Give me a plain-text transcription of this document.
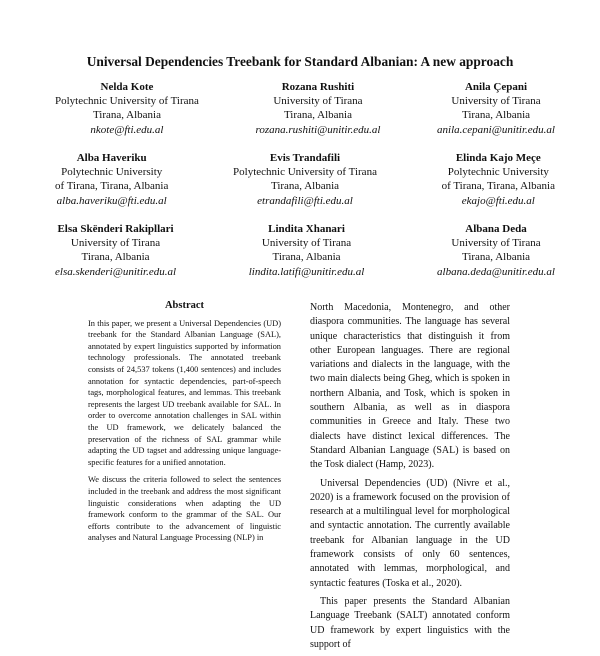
Universal Dependencies Treebank for Standard Albanian: A new approach
Nelda Kote
Polytechnic University of Tirana
Tirana, Albania
nkote@fti.edu.al
Rozana Rushiti
University of Tirana
Tirana, Albania
rozana.rushiti@unitir.edu.al
Anila Çepani
University of Tirana
Tirana, Albania
anila.cepani@unitir.edu.al
Alba Haveriku
Polytechnic University
of Tirana, Tirana, Albania
alba.haveriku@fti.edu.al
Evis Trandafili
Polytechnic University of Tirana
Tirana, Albania
etrandafili@fti.edu.al
Elinda Kajo Meçe
Polytechnic University
of Tirana, Tirana, Albania
ekajo@fti.edu.al
Elsa Skënderi Rakipllari
University of Tirana
Tirana, Albania
elsa.skenderi@unitir.edu.al
Lindita Xhanari
University of Tirana
Tirana, Albania
lindita.latifi@unitir.edu.al
Albana Deda
University of Tirana
Tirana, Albania
albana.deda@unitir.edu.al
Abstract

In this paper, we present a Universal Dependencies (UD) treebank for the Standard Albanian Language (SAL), annotated by expert linguistics supported by information technology professionals. The annotated treebank consists of 24,537 tokens (1,400 sentences) and includes annotation for syntactic dependencies, part-of-speech tags, morphological features, and lemmas. This treebank represents the largest UD treebank available for SAL. In order to overcome annotation challenges in SAL within the UD framework, we delicately balanced the preservation of the richness of SAL grammar while adapting the UD tagset and addressing unique language-specific features for a unified annotation.

We discuss the criteria followed to select the sentences included in the treebank and address the most significant linguistic considerations when adapting the UD framework conform to the grammar of the SAL. Our efforts contribute to the advancement of linguistic analyses and Natural Language Processing (NLP) in

North Macedonia, Montenegro, and other diaspora communities. The language has several unique characteristics that distinguish it from other European languages. There are regional variations and dialects in the language, with the two main dialects being Gheg, which is spoken in northern Albania, and Tosk, which is spoken in southern Albania, as well as in diaspora communities in Greece and Italy. These two dialects have distinct lexical differences. The Standard Albanian Language (SAL) is based on the Tosk dialect (Hamp, 2023).

Universal Dependencies (UD) (Nivre et al., 2020) is a framework focused on the provision of research at a multilingual level for morphological and syntactic annotation. The currently available treebank for Albanian language in the UD framework consists of only 60 sentences, annotated with lemmas, morphological, and syntactic features (Toska et al., 2020).

This paper presents the Standard Albanian Language Treebank (SALT) annotated conform UD framework by expert linguistics with the support of
